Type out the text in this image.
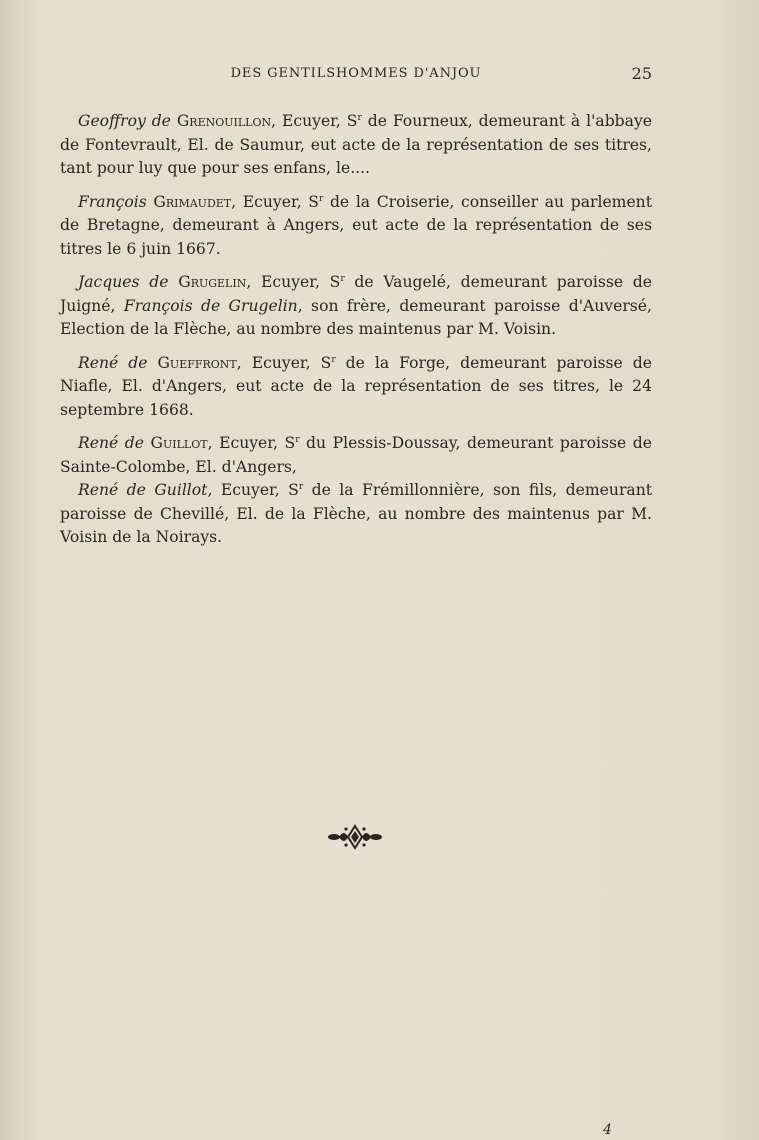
DES GENTILSHOMMES D'ANJOU	25

Geoffroy de Grenouillon, Ecuyer, $S^r$ de Fourneux, demeurant à l'abbaye de Fontevrault, El. de Saumur, eut acte de la représentation de ses titres, tant pour luy que pour ses enfans, le....

François Grimaudet, Ecuyer, $S^r$ de la Croiserie, conseiller au parlement de Bretagne, demeurant à Angers, eut acte de la représentation de ses titres le 6 juin 1667.

Jacques de Grugelin, Ecuyer, $S^r$ de Vaugelé, demeurant paroisse de Juigné, François de Grugelin, son frère, demeurant paroisse d'Auversé, Election de la Flèche, au nombre des maintenus par M. Voisin.

René de Gueffront, Ecuyer, $S^r$ de la Forge, demeurant paroisse de Niafle, El. d'Angers, eut acte de la représentation de ses titres, le 24 septembre 1668.

René de Guillot, Ecuyer, $S^r$ du Plessis-Doussay, demeurant paroisse de Sainte-Colombe, El. d'Angers,

René de Guillot, Ecuyer, $S^r$ de la Frémillonnière, son fils, demeurant paroisse de Chevillé, El. de la Flèche, au nombre des maintenus par M. Voisin de la Noirays.

4
